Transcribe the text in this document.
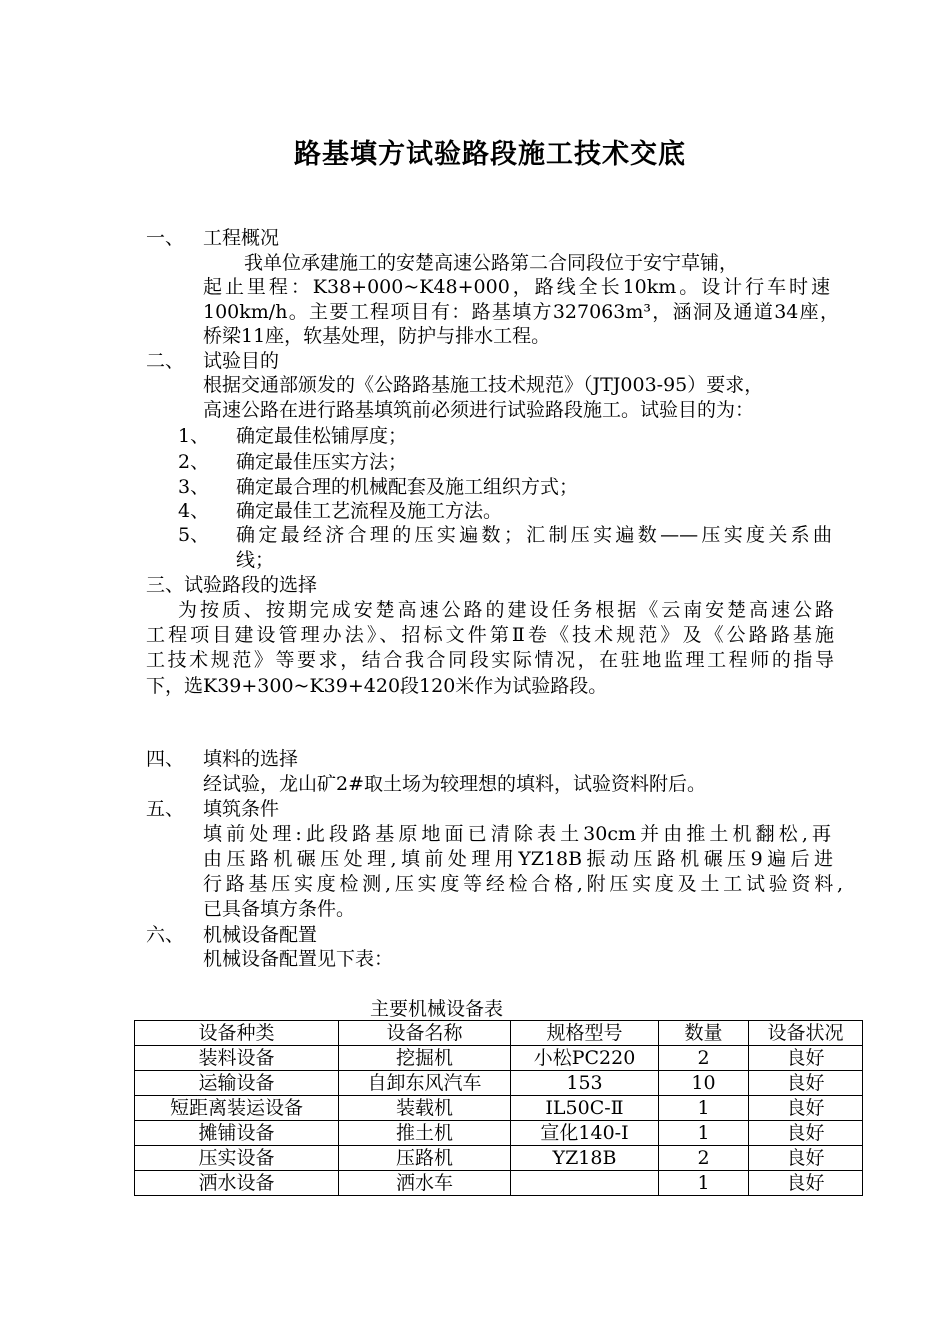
路基填方试验路段施工技术交底
一、 工程概况
我单位承建施工的安楚高速公路第二合同段位于安宁草铺，
起止里程：K38+000~K48+000，路线全长10km。设计行车时速
100km/h。主要工程项目有：路基填方327063m³，涵洞及通道34座，
桥梁11座，软基处理，防护与排水工程。
二、 试验目的
根据交通部颁发的《公路路基施工技术规范》（JTJ003-95）要求，
高速公路在进行路基填筑前必须进行试验路段施工。试验目的为：
1、 确定最佳松铺厚度；
2、 确定最佳压实方法；
3、 确定最合理的机械配套及施工组织方式；
4、 确定最佳工艺流程及施工方法。
5、 确定最经济合理的压实遍数；汇制压实遍数——压实度关系曲
线；
三、试验路段的选择
为按质、按期完成安楚高速公路的建设任务根据《云南安楚高速公路
工程项目建设管理办法》、招标文件第Ⅱ卷《技术规范》及《公路路基施
工技术规范》等要求，结合我合同段实际情况，在驻地监理工程师的指导
下，选K39+300~K39+420段120米作为试验路段。
四、 填料的选择
经试验，龙山矿2#取土场为较理想的填料，试验资料附后。
五、 填筑条件
填前处理:此段路基原地面已清除表土30cm并由推土机翻松,再
由压路机碾压处理,填前处理用YZ18B振动压路机碾压9遍后进
行路基压实度检测,压实度等经检合格,附压实度及土工试验资料,
已具备填方条件。
六、 机械设备配置
机械设备配置见下表：
主要机械设备表
设备种类	设备名称	规格型号	数量	设备状况
装料设备	挖掘机	小松PC220	2	良好
运输设备	自卸东风汽车	153	10	良好
短距离装运设备	装载机	IL50C-Ⅱ	1	良好
摊铺设备	推土机	宣化140-Ⅰ	1	良好
压实设备	压路机	YZ18B	2	良好
洒水设备	洒水车		1	良好
